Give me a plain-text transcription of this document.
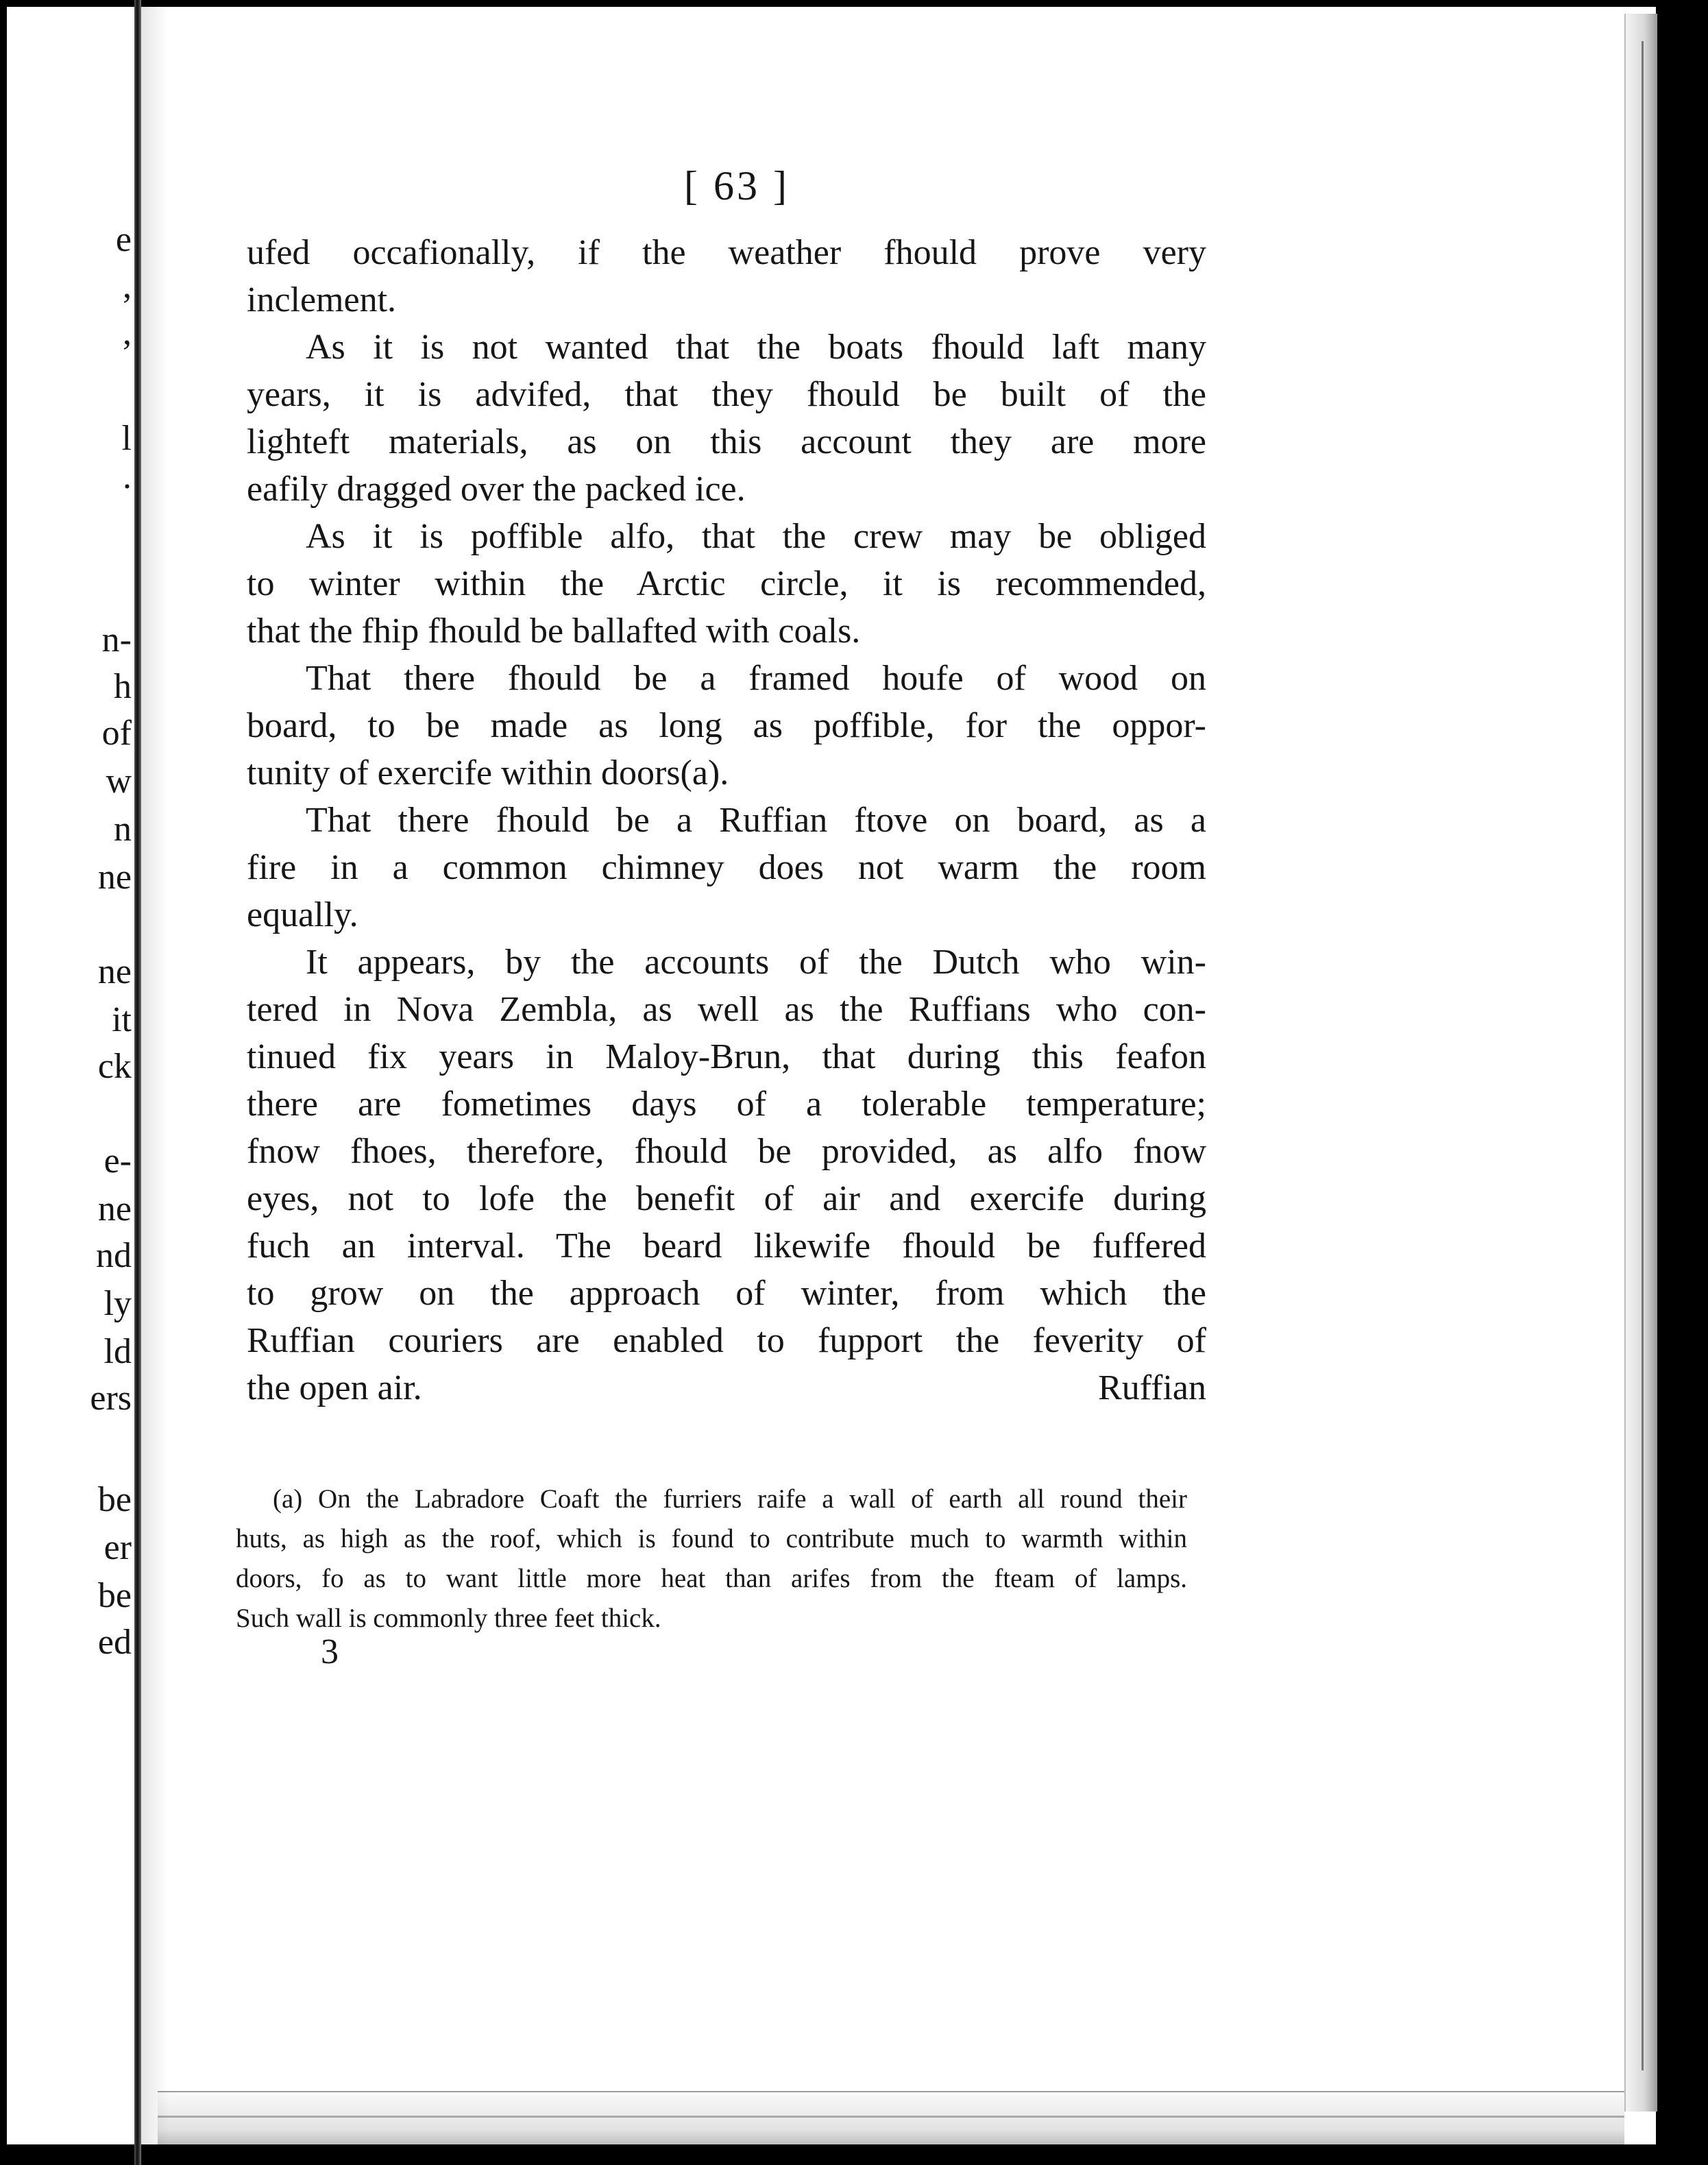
e
,
,
l
.
n-
h
of
w
n
ne
ne
it
ck
e-
ne
nd
ly
ld
ers
be
er
be
ed
[ 63 ]
ufed occafionally, if the weather fhould prove very
inclement.
As it is not wanted that the boats fhould laft many
years, it is advifed, that they fhould be built of the
lighteft materials, as on this account they are more
eafily dragged over the packed ice.
As it is poffible alfo, that the crew may be obliged
to winter within the Arctic circle, it is recommended,
that the fhip fhould be ballafted with coals.
That there fhould be a framed houfe of wood on
board, to be made as long as poffible, for the oppor-
tunity of exercife within doors(a).
That there fhould be a Ruffian ftove on board, as a
fire in a common chimney does not warm the room
equally.
It appears, by the accounts of the Dutch who win-
tered in Nova Zembla, as well as the Ruffians who con-
tinued fix years in Maloy-Brun, that during this feafon
there are fometimes days of a tolerable temperature;
fnow fhoes, therefore, fhould be provided, as alfo fnow
eyes, not to lofe the benefit of air and exercife during
fuch an interval. The beard likewife fhould be fuffered
to grow on the approach of winter, from which the
Ruffian couriers are enabled to fupport the feverity of
the open air.	Ruffian
(a) On the Labradore Coaft the furriers raife a wall of earth all round their
huts, as high as the roof, which is found to contribute much to warmth within
doors, fo as to want little more heat than arifes from the fteam of lamps.
Such wall is commonly three feet thick.
3
